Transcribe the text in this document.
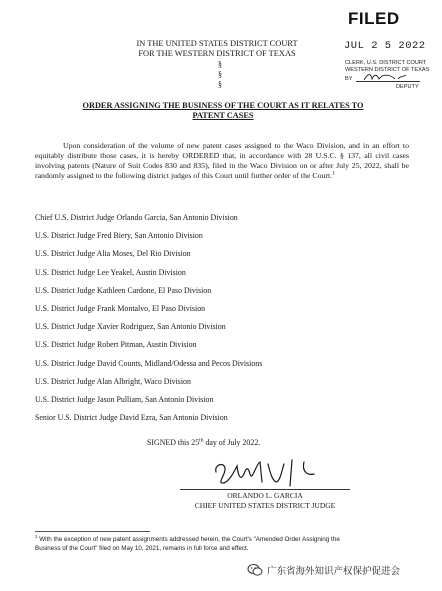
FILED
JUL 2 5 2022
CLERK, U.S. DISTRICT COURT
WESTERN DISTRICT OF TEXAS
BY
DEPUTY
IN THE UNITED STATES DISTRICT COURT
FOR THE WESTERN DISTRICT OF TEXAS
§
§
§
ORDER ASSIGNING THE BUSINESS OF THE COURT AS IT RELATES TO
PATENT CASES
Upon consideration of the volume of new patent cases assigned to the Waco Division, and in an effort to equitably distribute those cases, it is hereby ORDERED that, in accordance with 28 U.S.C. § 137, all civil cases involving patents (Nature of Suit Codes 830 and 835), filed in the Waco Division on or after July 25, 2022, shall be randomly assigned to the following district judges of this Court until further order of the Court.$^1$
Chief U.S. District Judge Orlando Garcia, San Antonio Division
U.S. District Judge Fred Biery, San Antonio Division
U.S. District Judge Alia Moses, Del Rio Division
U.S. District Judge Lee Yeakel, Austin Division
U.S. District Judge Kathleen Cardone, El Paso Division
U.S. District Judge Frank Montalvo, El Paso Division
U.S. District Judge Xavier Rodriguez, San Antonio Division
U.S. District Judge Robert Pitman, Austin Division
U.S. District Judge David Counts, Midland/Odessa and Pecos Divisions
U.S. District Judge Alan Albright, Waco Division
U.S. District Judge Jason Pulliam, San Antonio Division
Senior U.S. District Judge David Ezra, San Antonio Division
SIGNED this 25th day of July 2022.
ORLANDO L. GARCIA
CHIEF UNITED STATES DISTRICT JUDGE
$^1$ With the exception of new patent assignments addressed herein, the Court's "Amended Order Assigning the Business of the Court" filed on May 10, 2021, remains in full force and effect.
广东省海外知识产权保护促进会
